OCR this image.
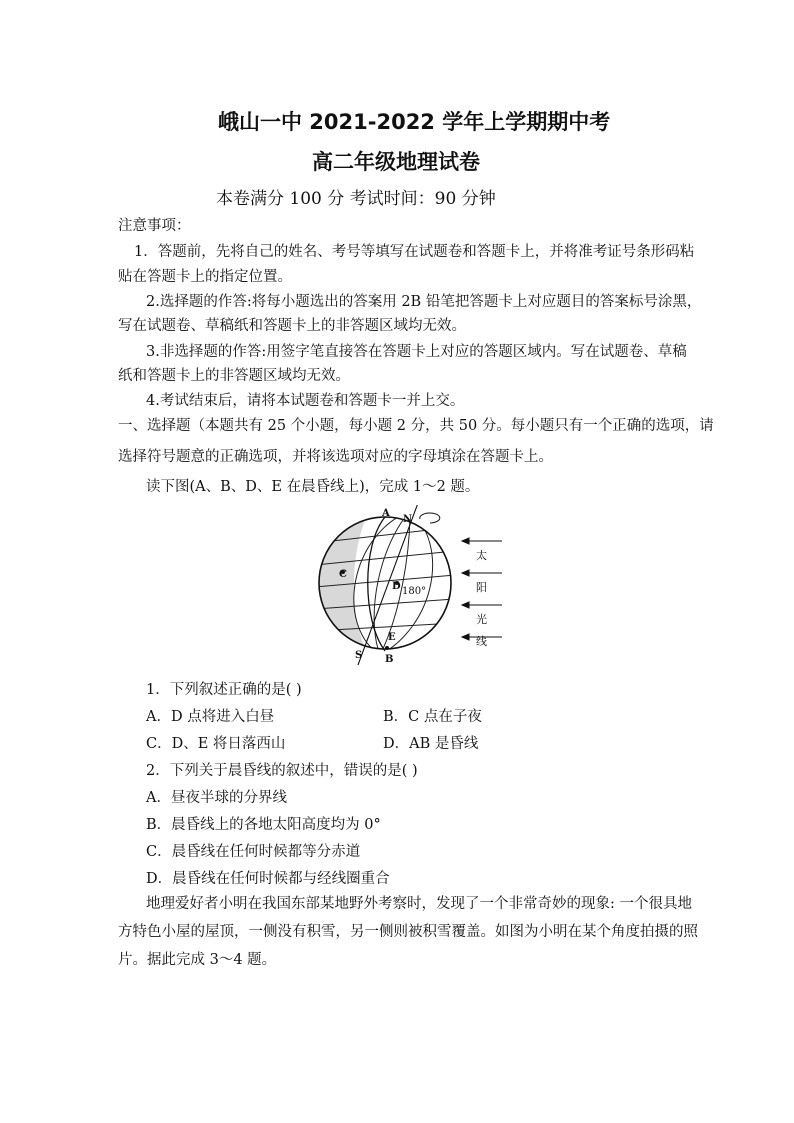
峨山一中 2021-2022 学年上学期期中考
高二年级地理试卷
本卷满分 100 分 考试时间：90 分钟
注意事项：
1．答题前，先将自己的姓名、考号等填写在试题卷和答题卡上，并将准考证号条形码粘
贴在答题卡上的指定位置。
2.选择题的作答:将每小题选出的答案用 2B 铅笔把答题卡上对应题目的答案标号涂黑，
写在试题卷、草稿纸和答题卡上的非答题区域均无效。
3.非选择题的作答:用签字笔直接答在答题卡上对应的答题区域内。写在试题卷、草稿
纸和答题卡上的非答题区域均无效。
4.考试结束后，请将本试题卷和答题卡一并上交。
一、选择题（本题共有 25 个小题，每小题 2 分，共 50 分。每小题只有一个正确的选项，请
选择符号题意的正确选项，并将该选项对应的字母填涂在答题卡上。
读下图(A、B、D、E 在晨昏线上)，完成 1～2 题。
A
N
C
D 180°
E
B
S
太
阳
光
线
1．下列叙述正确的是( )
A．D 点将进入白昼	B．C 点在子夜
C．D、E 将日落西山	D．AB 是昏线
2．下列关于晨昏线的叙述中，错误的是( )
A．昼夜半球的分界线
B．晨昏线上的各地太阳高度均为 0°
C．晨昏线在任何时候都等分赤道
D．晨昏线在任何时候都与经线圈重合
地理爱好者小明在我国东部某地野外考察时，发现了一个非常奇妙的现象: 一个很具地
方特色小屋的屋顶，一侧没有积雪，另一侧则被积雪覆盖。如图为小明在某个角度拍摄的照
片。据此完成 3～4 题。
